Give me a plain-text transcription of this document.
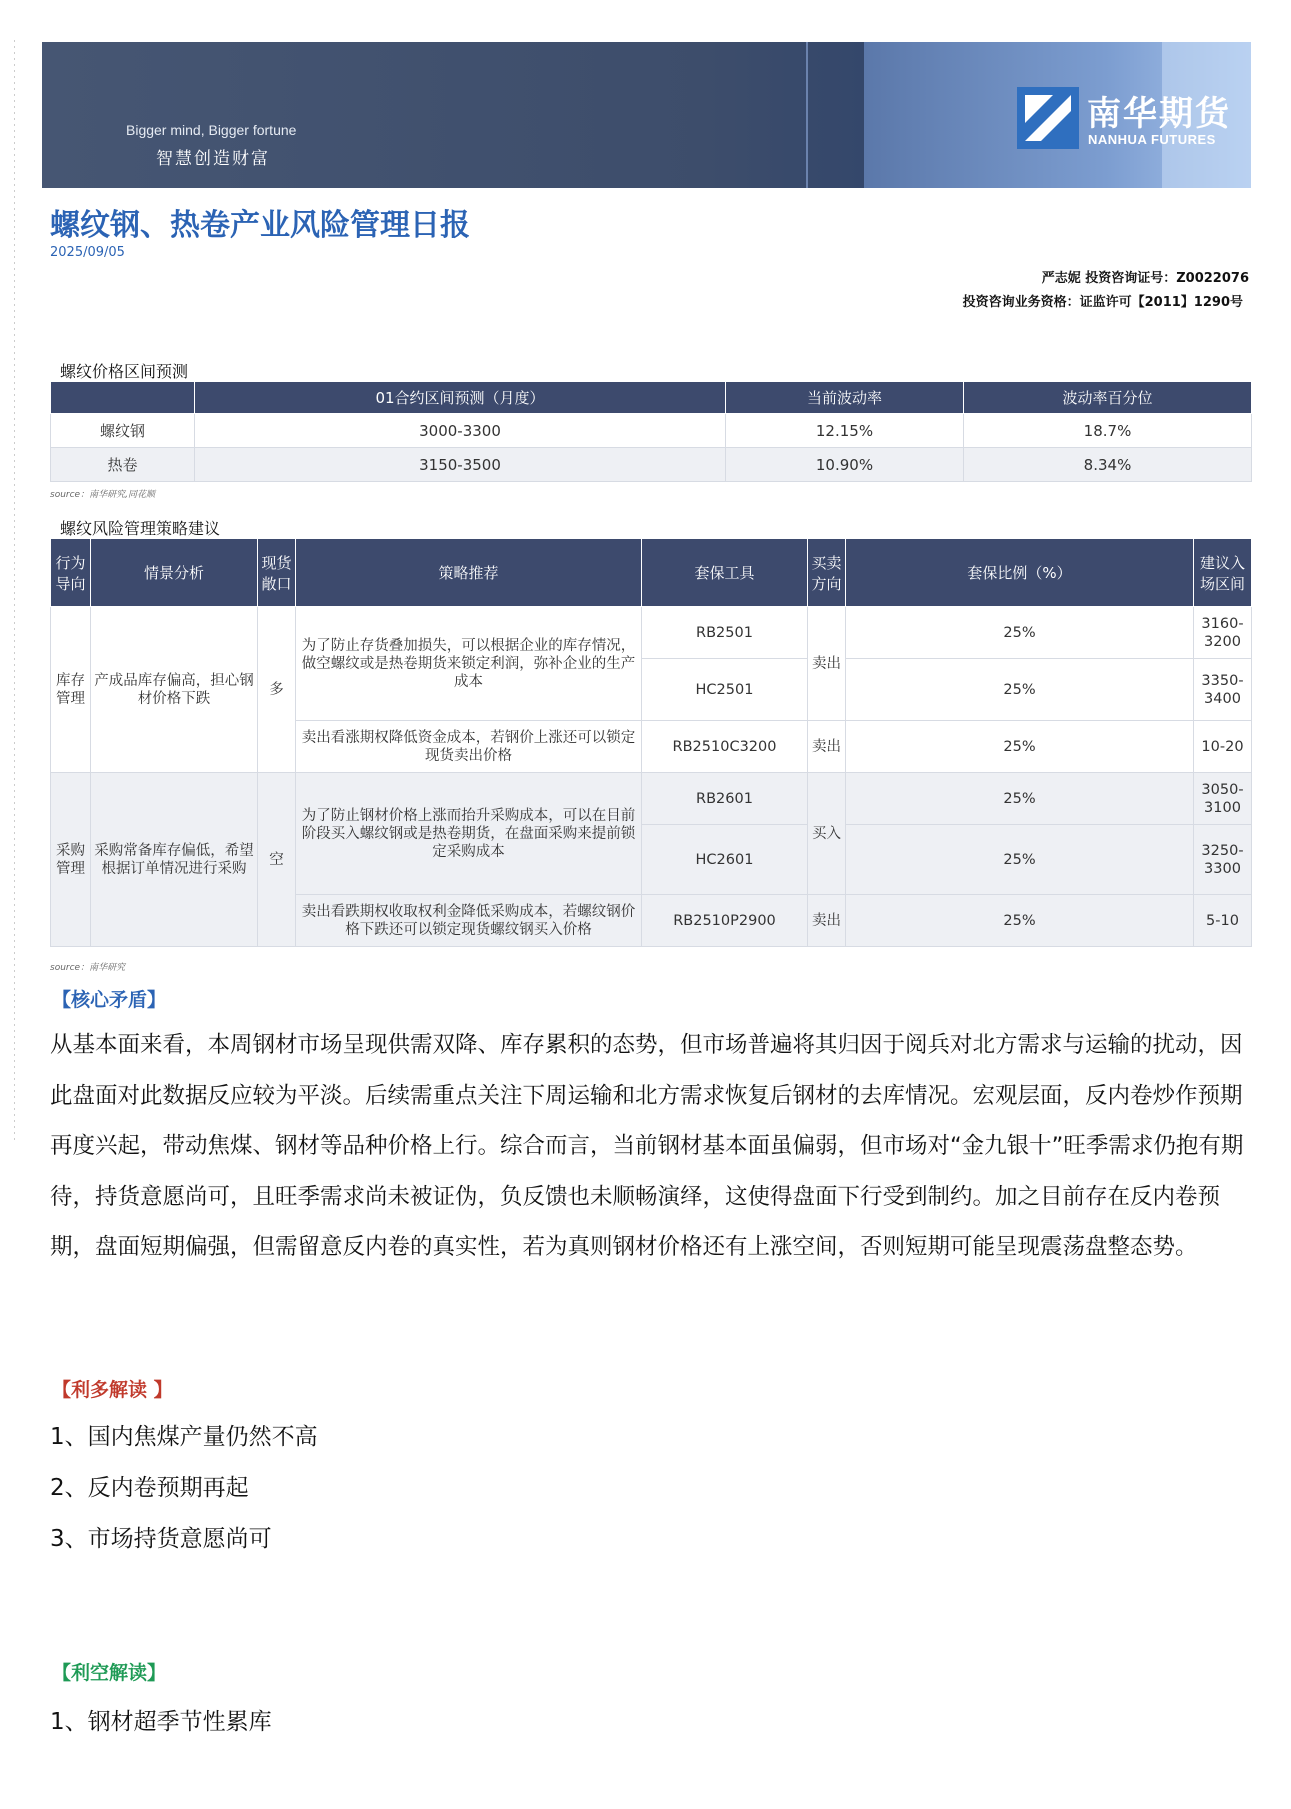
Bigger mind, Bigger fortune
智慧创造财富
南华期货
NANHUA FUTURES
螺纹钢、热卷产业风险管理日报
2025/09/05
严志妮 投资咨询证号：Z0022076
投资咨询业务资格：证监许可【2011】1290号
螺纹价格区间预测
	01合约区间预测（月度）	当前波动率	波动率百分位
螺纹钢	3000-3300	12.15%	18.7%
热卷	3150-3500	10.90%	8.34%
source：南华研究,同花顺
螺纹风险管理策略建议
行为导向	情景分析	现货敞口	策略推荐	套保工具	买卖方向	套保比例（%）	建议入场区间
库存管理	产成品库存偏高，担心钢材价格下跌	多	为了防止存货叠加损失，可以根据企业的库存情况，做空螺纹或是热卷期货来锁定利润，弥补企业的生产成本	RB2501	卖出	25%	3160-3200
				HC2501		25%	3350-3400
			卖出看涨期权降低资金成本，若钢价上涨还可以锁定现货卖出价格	RB2510C3200	卖出	25%	10-20
采购管理	采购常备库存偏低，希望根据订单情况进行采购	空	为了防止钢材价格上涨而抬升采购成本，可以在目前阶段买入螺纹钢或是热卷期货，在盘面采购来提前锁定采购成本	RB2601	买入	25%	3050-3100
				HC2601		25%	3250-3300
			卖出看跌期权收取权利金降低采购成本，若螺纹钢价格下跌还可以锁定现货螺纹钢买入价格	RB2510P2900	卖出	25%	5-10
source：南华研究
【核心矛盾】
从基本面来看，本周钢材市场呈现供需双降、库存累积的态势，但市场普遍将其归因于阅兵对北方需求与运输的扰动，因此盘面对此数据反应较为平淡。后续需重点关注下周运输和北方需求恢复后钢材的去库情况。宏观层面，反内卷炒作预期再度兴起，带动焦煤、钢材等品种价格上行。综合而言，当前钢材基本面虽偏弱，但市场对“金九银十”旺季需求仍抱有期待，持货意愿尚可，且旺季需求尚未被证伪，负反馈也未顺畅演绎，这使得盘面下行受到制约。加之目前存在反内卷预期，盘面短期偏强，但需留意反内卷的真实性，若为真则钢材价格还有上涨空间，否则短期可能呈现震荡盘整态势。
【利多解读 】
1、国内焦煤产量仍然不高
2、反内卷预期再起
3、市场持货意愿尚可
【利空解读】
1、钢材超季节性累库
